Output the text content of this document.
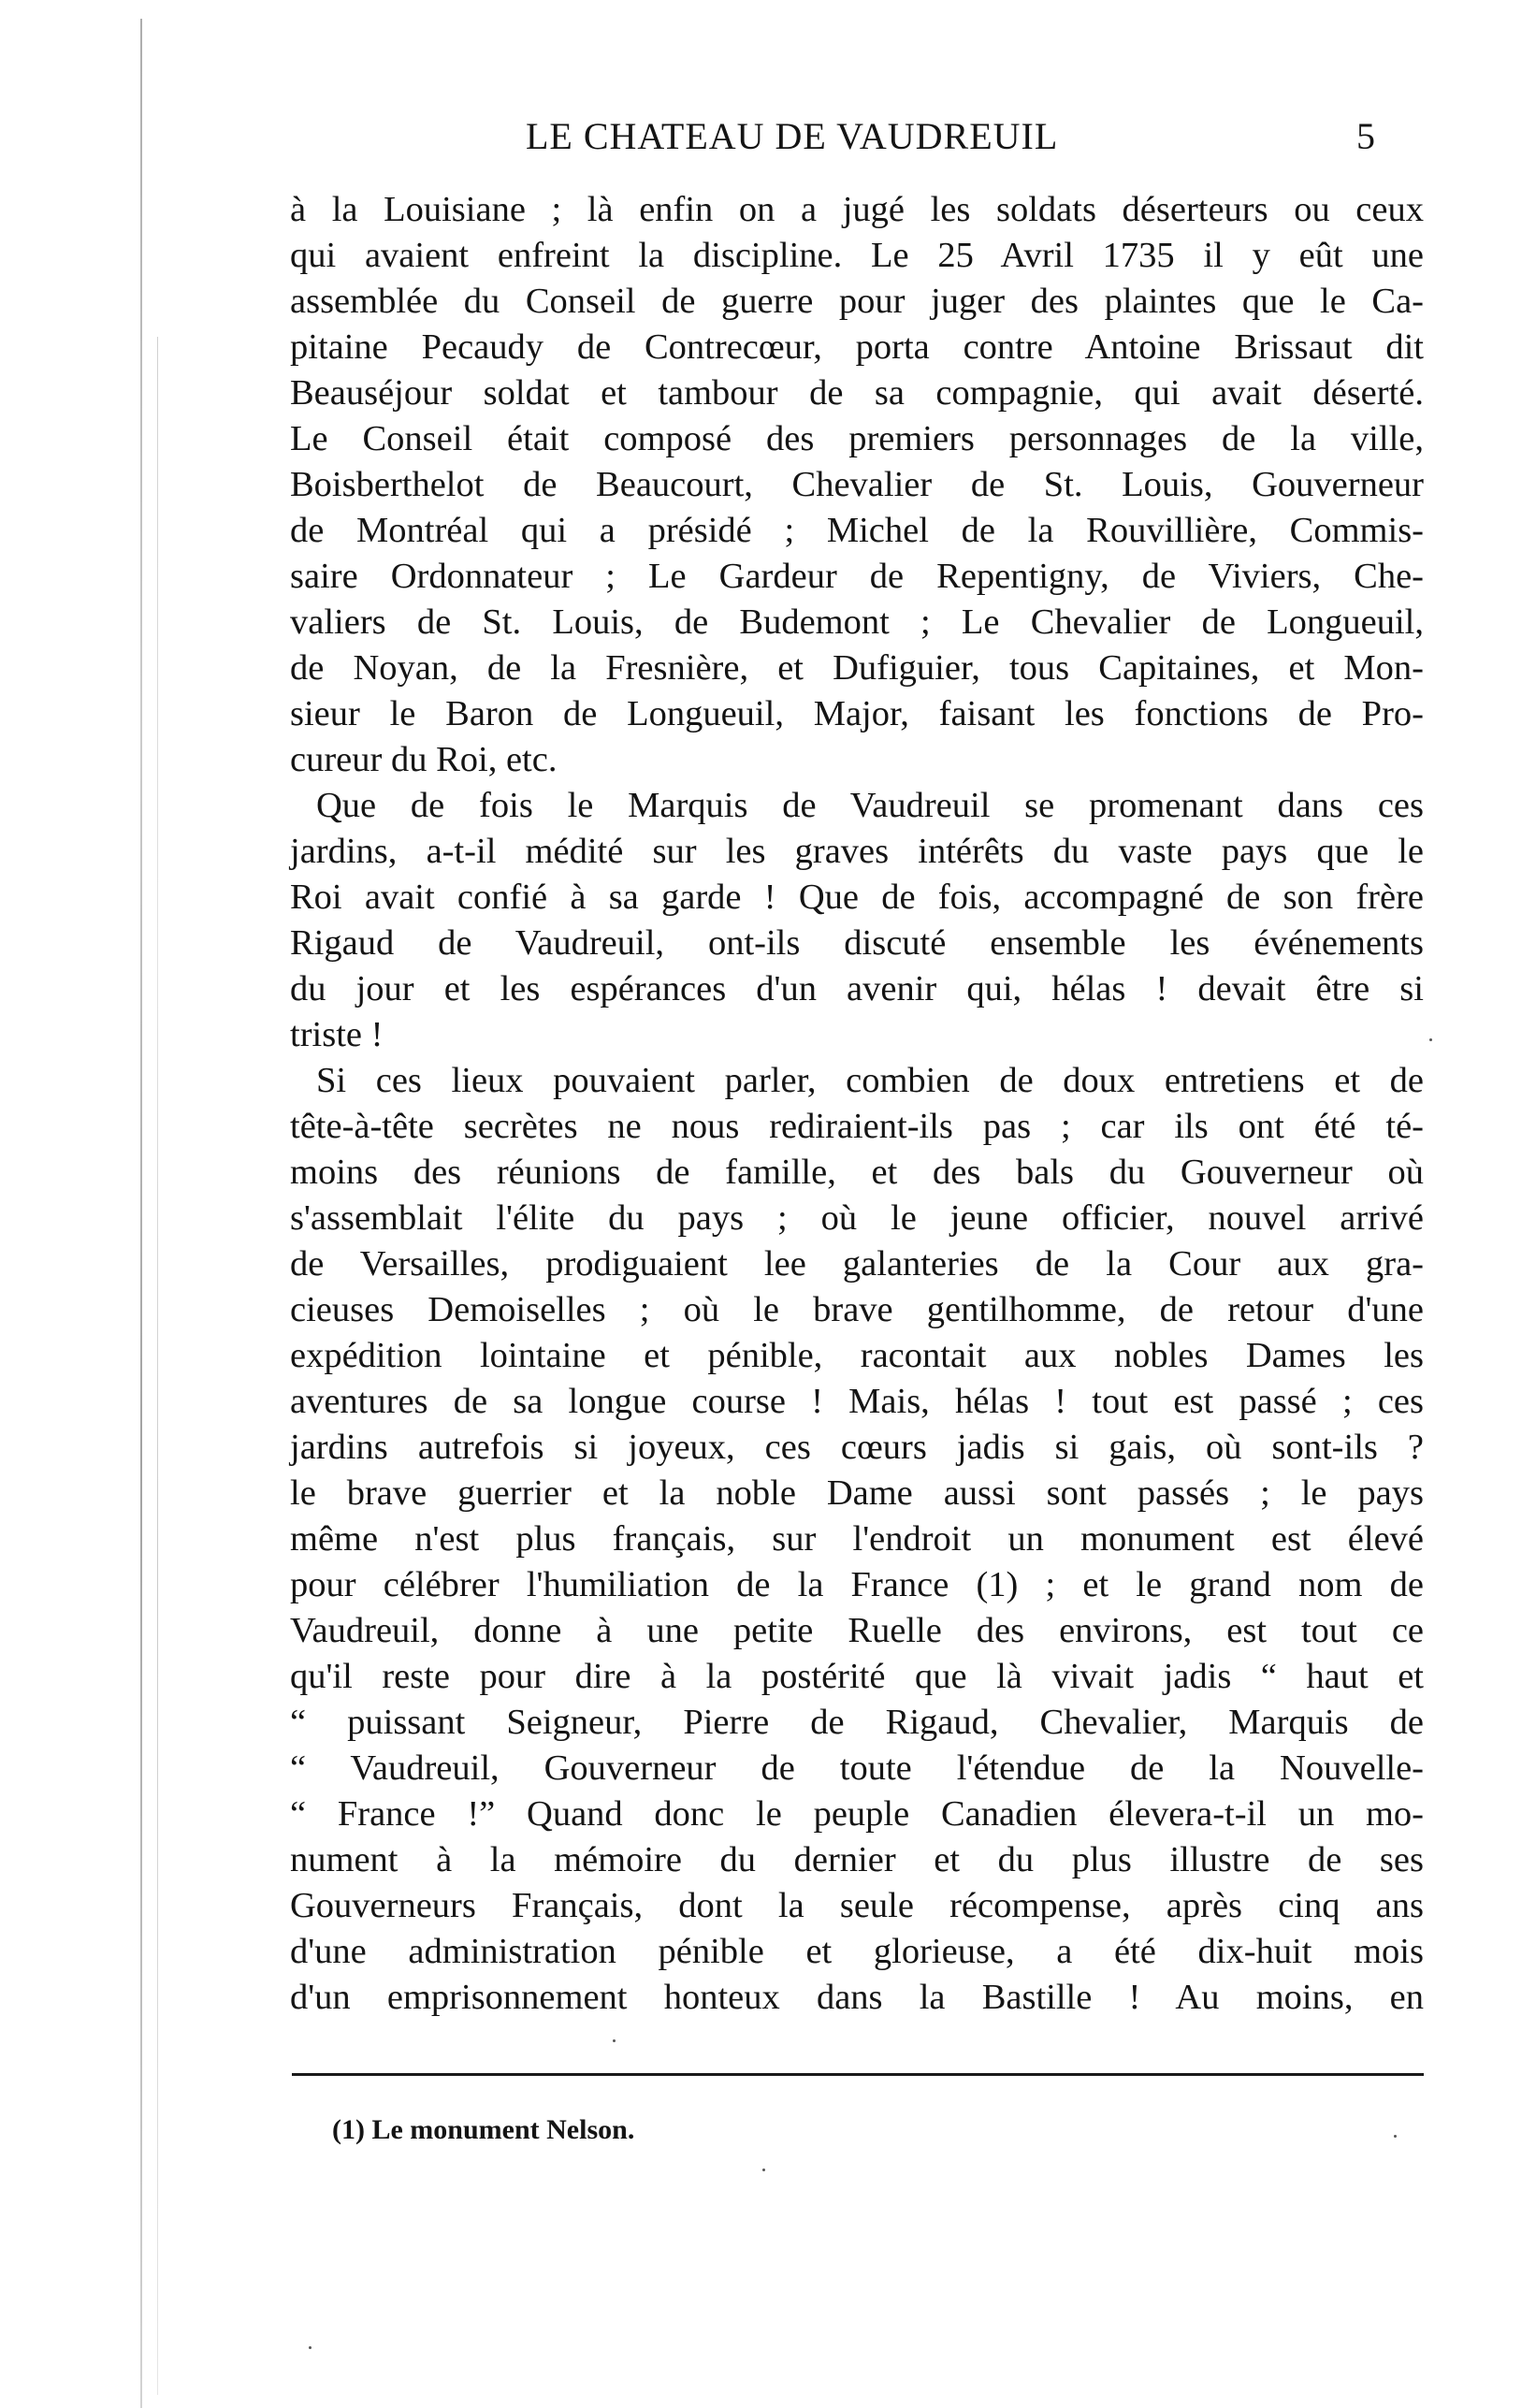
LE CHATEAU DE VAUDREUIL	5
à la Louisiane ; là enfin on a jugé les soldats déserteurs ou ceux
qui avaient enfreint la discipline. Le 25 Avril 1735 il y eût une
assemblée du Conseil de guerre pour juger des plaintes que le Ca-
pitaine Pecaudy de Contrecœur, porta contre Antoine Brissaut dit
Beauséjour soldat et tambour de sa compagnie, qui avait déserté.
Le Conseil était composé des premiers personnages de la ville,
Boisberthelot de Beaucourt, Chevalier de St. Louis, Gouverneur
de Montréal qui a présidé ; Michel de la Rouvillière, Commis-
saire Ordonnateur ; Le Gardeur de Repentigny, de Viviers, Che-
valiers de St. Louis, de Budemont ; Le Chevalier de Longueuil,
de Noyan, de la Fresnière, et Dufiguier, tous Capitaines, et Mon-
sieur le Baron de Longueuil, Major, faisant les fonctions de Pro-
cureur du Roi, etc.
Que de fois le Marquis de Vaudreuil se promenant dans ces
jardins, a-t-il médité sur les graves intérêts du vaste pays que le
Roi avait confié à sa garde ! Que de fois, accompagné de son frère
Rigaud de Vaudreuil, ont-ils discuté ensemble les événements
du jour et les espérances d'un avenir qui, hélas ! devait être si
triste !
Si ces lieux pouvaient parler, combien de doux entretiens et de
tête-à-tête secrètes ne nous rediraient-ils pas ; car ils ont été té-
moins des réunions de famille, et des bals du Gouverneur où
s'assemblait l'élite du pays ; où le jeune officier, nouvel arrivé
de Versailles, prodiguaient lee galanteries de la Cour aux gra-
cieuses Demoiselles ; où le brave gentilhomme, de retour d'une
expédition lointaine et pénible, racontait aux nobles Dames les
aventures de sa longue course ! Mais, hélas ! tout est passé ; ces
jardins autrefois si joyeux, ces cœurs jadis si gais, où sont-ils ?
le brave guerrier et la noble Dame aussi sont passés ; le pays
même n'est plus français, sur l'endroit un monument est élevé
pour célébrer l'humiliation de la France (1) ; et le grand nom de
Vaudreuil, donne à une petite Ruelle des environs, est tout ce
qu'il reste pour dire à la postérité que là vivait jadis “ haut et
“ puissant Seigneur, Pierre de Rigaud, Chevalier, Marquis de
“ Vaudreuil, Gouverneur de toute l'étendue de la Nouvelle-
“ France !” Quand donc le peuple Canadien élevera-t-il un mo-
nument à la mémoire du dernier et du plus illustre de ses
Gouverneurs Français, dont la seule récompense, après cinq ans
d'une administration pénible et glorieuse, a été dix-huit mois
d'un emprisonnement honteux dans la Bastille ! Au moins, en
(1) Le monument Nelson.
